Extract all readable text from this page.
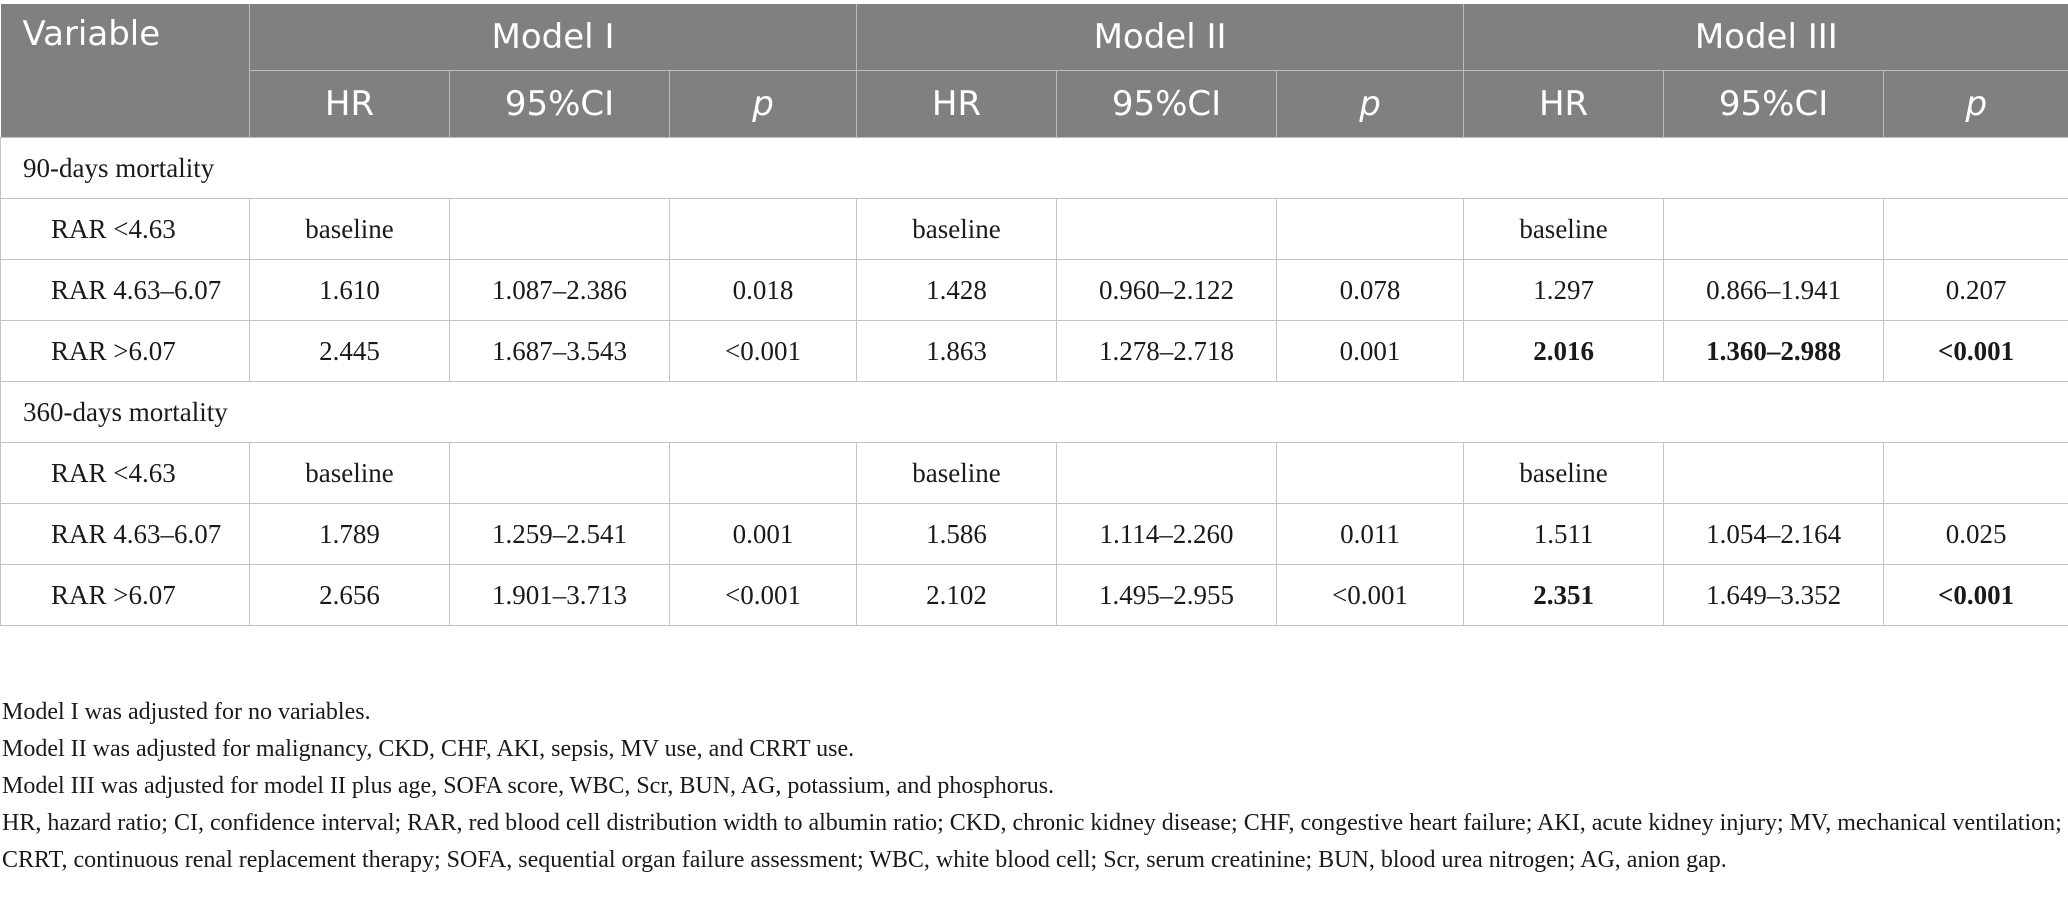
Variable	Model I			Model II			Model III		
	HR	95%CI	p	HR	95%CI	p	HR	95%CI	p
90-days mortality									
RAR <4.63	baseline			baseline			baseline		
RAR 4.63–6.07	1.610	1.087–2.386	0.018	1.428	0.960–2.122	0.078	1.297	0.866–1.941	0.207
RAR >6.07	2.445	1.687–3.543	<0.001	1.863	1.278–2.718	0.001	2.016	1.360–2.988	<0.001
360-days mortality									
RAR <4.63	baseline			baseline			baseline		
RAR 4.63–6.07	1.789	1.259–2.541	0.001	1.586	1.114–2.260	0.011	1.511	1.054–2.164	0.025
RAR >6.07	2.656	1.901–3.713	<0.001	2.102	1.495–2.955	<0.001	2.351	1.649–3.352	<0.001

Model I was adjusted for no variables.

Model II was adjusted for malignancy, CKD, CHF, AKI, sepsis, MV use, and CRRT use.

Model III was adjusted for model II plus age, SOFA score, WBC, Scr, BUN, AG, potassium, and phosphorus.

HR, hazard ratio; CI, confidence interval; RAR, red blood cell distribution width to albumin ratio; CKD, chronic kidney disease; CHF, congestive heart failure; AKI, acute kidney injury; MV, mechanical ventilation; CRRT, continuous renal replacement therapy; SOFA, sequential organ failure assessment; WBC, white blood cell; Scr, serum creatinine; BUN, blood urea nitrogen; AG, anion gap.
